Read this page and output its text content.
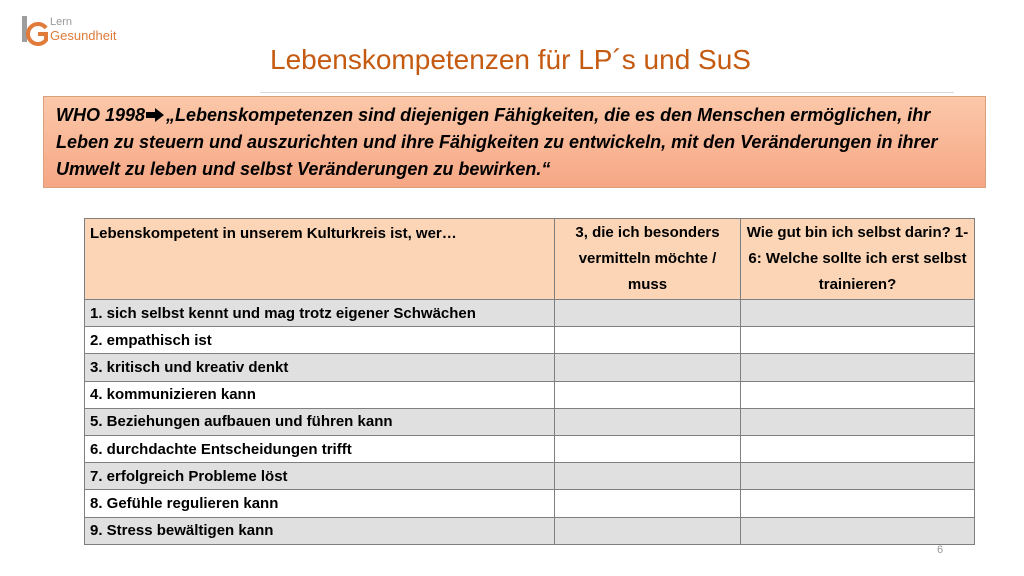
Lern
Gesundheit
Lebenskompetenzen für LP´s und SuS
WHO 1998 „Lebenskompetenzen sind diejenigen Fähigkeiten, die es den Menschen ermöglichen, ihr Leben zu steuern und auszurichten und ihre Fähigkeiten zu entwickeln, mit den Veränderungen in ihrer Umwelt zu leben und selbst Veränderungen zu bewirken.“
Lebenskompetent in unserem Kulturkreis ist, wer…	3, die ich besonders vermitteln möchte / muss	Wie gut bin ich selbst darin? 1-6: Welche sollte ich erst selbst trainieren?
1. sich selbst kennt und mag trotz eigener Schwächen		
2. empathisch ist		
3. kritisch und kreativ denkt		
4. kommunizieren kann		
5. Beziehungen aufbauen und führen kann		
6. durchdachte Entscheidungen trifft		
7. erfolgreich Probleme löst		
8. Gefühle regulieren kann		
9. Stress bewältigen kann		
6
